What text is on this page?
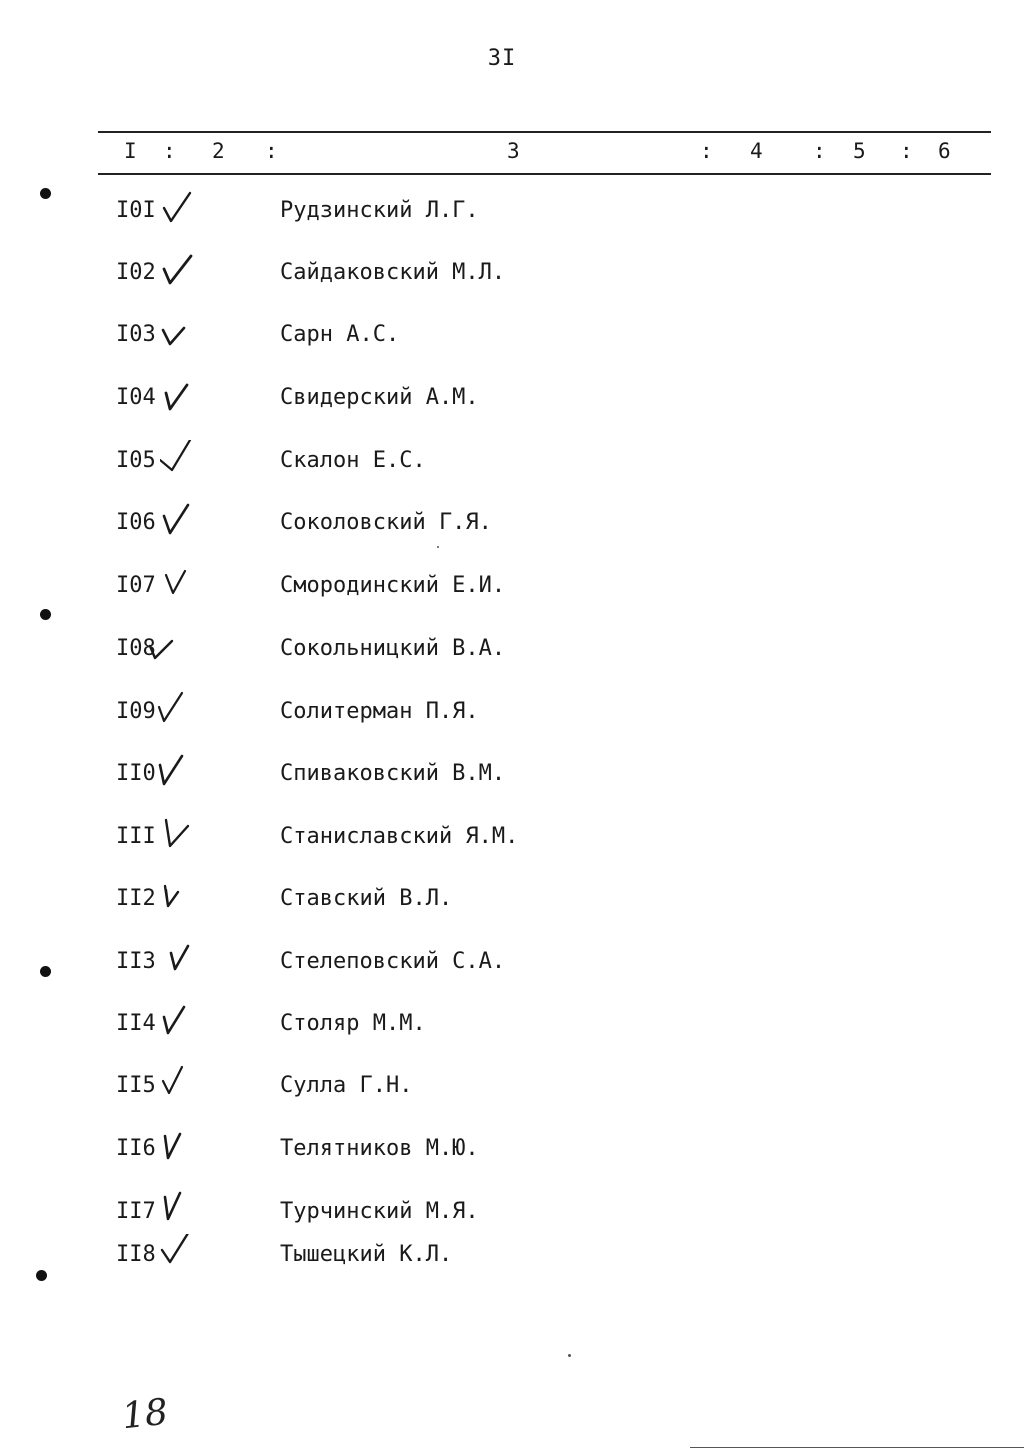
3I
I : 2 :	3	: 4 : 5 : 6
I0I	Рудзинский Л.Г.
I02	Сайдаковский М.Л.
I03	Сарн А.С.
I04	Свидерский А.М.
I05	Скалон Е.С.
I06	Соколовский Г.Я.
I07	Смородинский Е.И.
I08	Сокольницкий В.А.
I09	Солитерман П.Я.
II0	Спиваковский В.М.
III	Станиславский Я.М.
II2	Ставский В.Л.
II3	Стелеповский С.А.
II4	Столяр М.М.
II5	Сулла Г.Н.
II6	Телятников М.Ю.
II7	Турчинский М.Я.
II8	Тышецкий К.Л.
18
